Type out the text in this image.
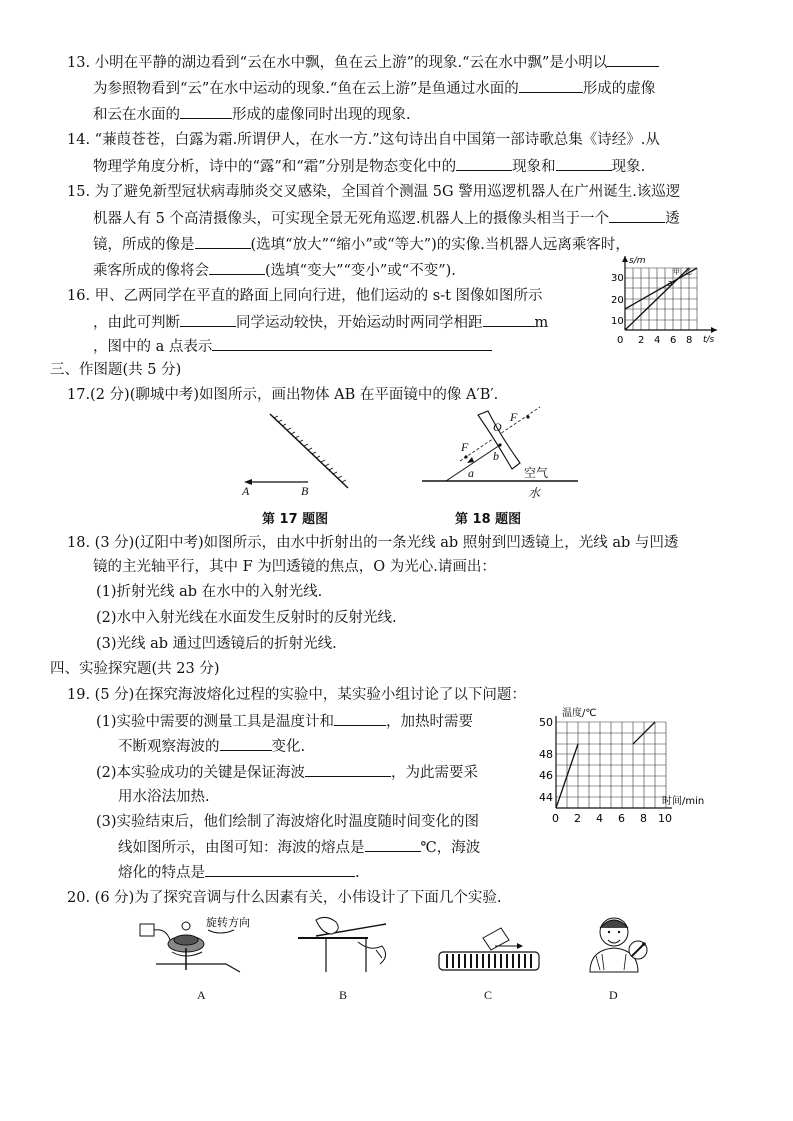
13. 小明在平静的湖边看到“云在水中飘，鱼在云上游”的现象.“云在水中飘”是小明以
为参照物看到“云”在水中运动的现象.“鱼在云上游”是鱼通过水面的	形成的虚像
和云在水面的	形成的虚像同时出现的现象.
14. “蒹葭苍苍，白露为霜.所谓伊人，在水一方.”这句诗出自中国第一部诗歌总集《诗经》.从
物理学角度分析，诗中的“露”和“霜”分别是物态变化中的	现象和	现象.
15. 为了避免新型冠状病毒肺炎交叉感染，全国首个测温 5G 警用巡逻机器人在广州诞生.该巡逻
机器人有 5 个高清摄像头，可实现全景无死角巡逻.机器人上的摄像头相当于一个	透
镜，所成的像是	(选填“放大”“缩小”或“等大”)的实像.当机器人远离乘客时，
乘客所成的像将会	(选填“变大”“变小”或“不变”).
16. 甲、乙两同学在平直的路面上同向行进，他们运动的 s-t 图像如图所示
，由此可判断	同学运动较快，开始运动时两同学相距	m
，图中的 a 点表示
s/m
t/s
10
20
30
0 2 4 6 8
甲 乙
a
三、作图题(共 5 分)
17.(2 分)(聊城中考)如图所示，画出物体 AB 在平面镜中的像 A′B′.
A	B
第 17 题图
F
F
O
b
a	空气
水
第 18 题图
18. (3 分)(辽阳中考)如图所示，由水中折射出的一条光线 ab 照射到凹透镜上，光线 ab 与凹透
镜的主光轴平行，其中 F 为凹透镜的焦点，O 为光心.请画出：
(1)折射光线 ab 在水中的入射光线.
(2)水中入射光线在水面发生反射时的反射光线.
(3)光线 ab 通过凹透镜后的折射光线.
四、实验探究题(共 23 分)
19. (5 分)在探究海波熔化过程的实验中，某实验小组讨论了以下问题：
(1)实验中需要的测量工具是温度计和	，加热时需要
不断观察海波的	变化.
(2)本实验成功的关键是保证海波	，为此需要采
用水浴法加热.
(3)实验结束后，他们绘制了海波熔化时温度随时间变化的图
线如图所示，由图可知：海波的熔点是	℃，海波
熔化的特点是	.
温度/℃
时间/min
44
46
48
50
0 2 4 6 8 10
20. (6 分)为了探究音调与什么因素有关，小伟设计了下面几个实验.
旋转方向
A	B	C	D
